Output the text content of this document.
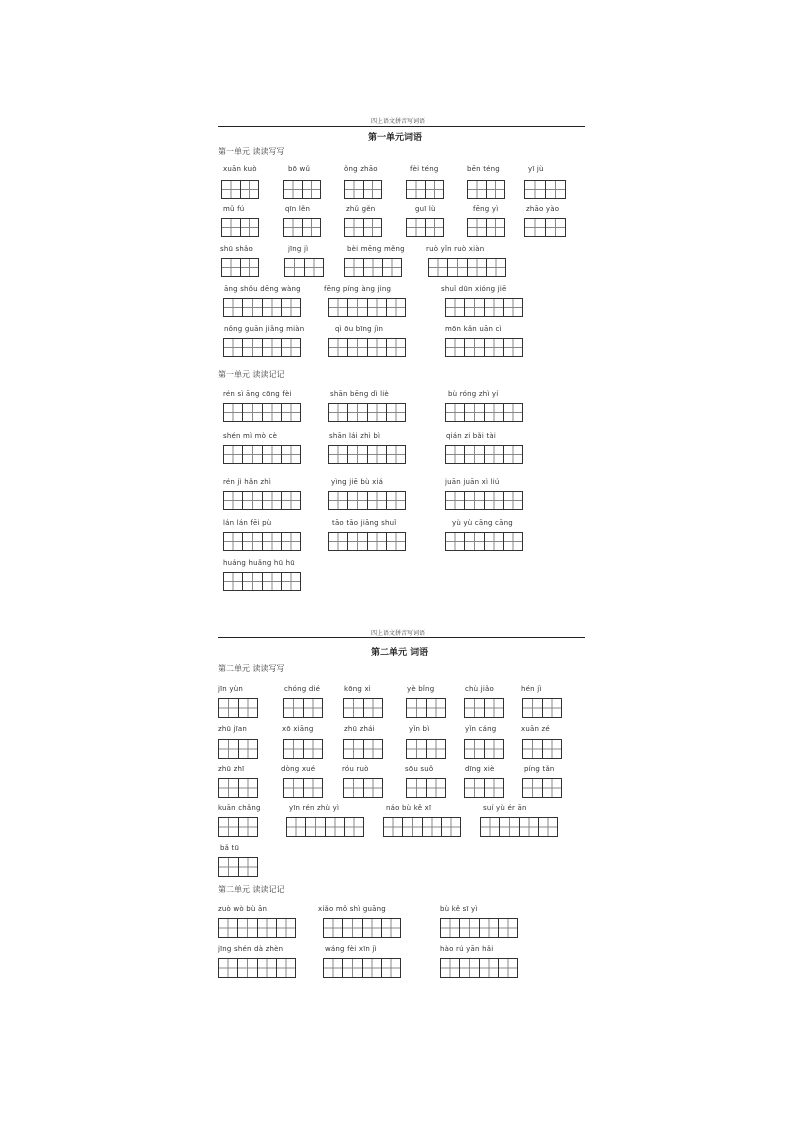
四上语文拼音写词语
第一单元词语
第一单元 读读写写
第一单元 读读记记
xuān kuò	bō wǔ	ǒng zhāo	fèi téng	bēn téng	yī jù
mǔ fú	qīn lěn	zhǔ gěn	guī lù	fēng yì	zhāo yào
shū shǎo	jīng jì	bèi mēng měng	ruò yǐn ruò xiàn
āng shǒu dēng wàng	fēng píng àng jìng	shuǐ dūn xióng jiē
nǒng guān jiǎng miàn	qì ōu bīng jìn	mōn kǎn uān cì
rén sì āng cōng fèi	shān bēng dì liè	bù róng zhì yí
shén mì mò cè	shān lái zhì bì	qián zi bǎi tài
rén jì hǎn zhì	yìng jiē bù xiá	juān juān xì liú
lán lán fēi pù	tāo tāo jiāng shuǐ	yù yù cāng cāng
huáng huǎng hū hū
四上语文拼音写词语
第二单元 词语
第二单元 读读写写
第二单元 读读记记
jīn yùn	chóng dié	kōng xì	yè bǐng	chù jiǎo	hén jì
zhū jīan	xō xiāng	zhū zhái	yǐn bì	yǐn cáng	xuān zé
zhū zhī	dòng xué	róu ruò	sōu suǒ	dīng xiè	píng tǎn
kuān chǎng	yīn rén zhù yì	náo bù kě xī	suí yù ér ān
bǎ tū
zuò wò bù ān	xiǎo mǒ shì guāng	bù kě sī yì
jīng shén dà zhèn	wáng fèi xīn jì	hào rú yān hǎi
